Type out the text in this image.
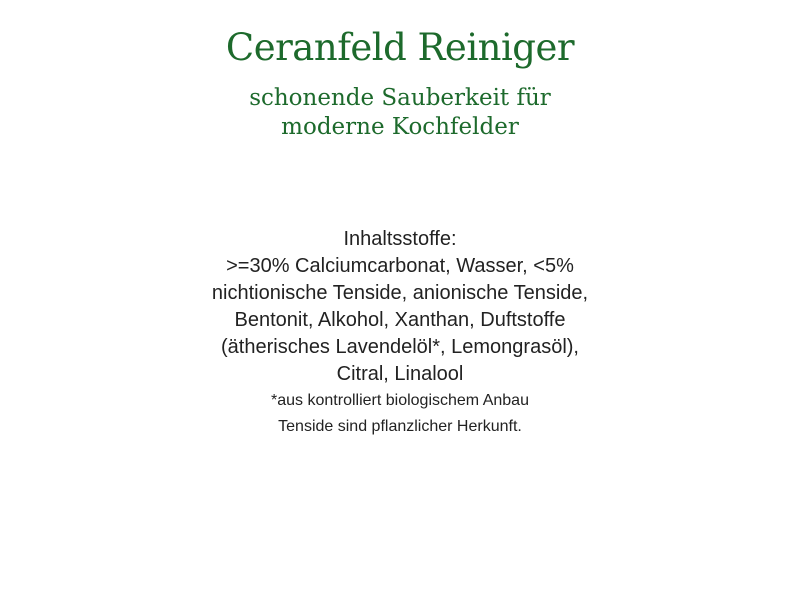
Ceranfeld Reiniger
schonende Sauberkeit für
moderne Kochfelder
Inhaltsstoffe:
>=30% Calciumcarbonat, Wasser, <5%
nichtionische Tenside, anionische Tenside,
Bentonit, Alkohol, Xanthan, Duftstoffe
(ätherisches Lavendelöl*, Lemongrasöl),
Citral, Linalool
*aus kontrolliert biologischem Anbau
Tenside sind pflanzlicher Herkunft.
